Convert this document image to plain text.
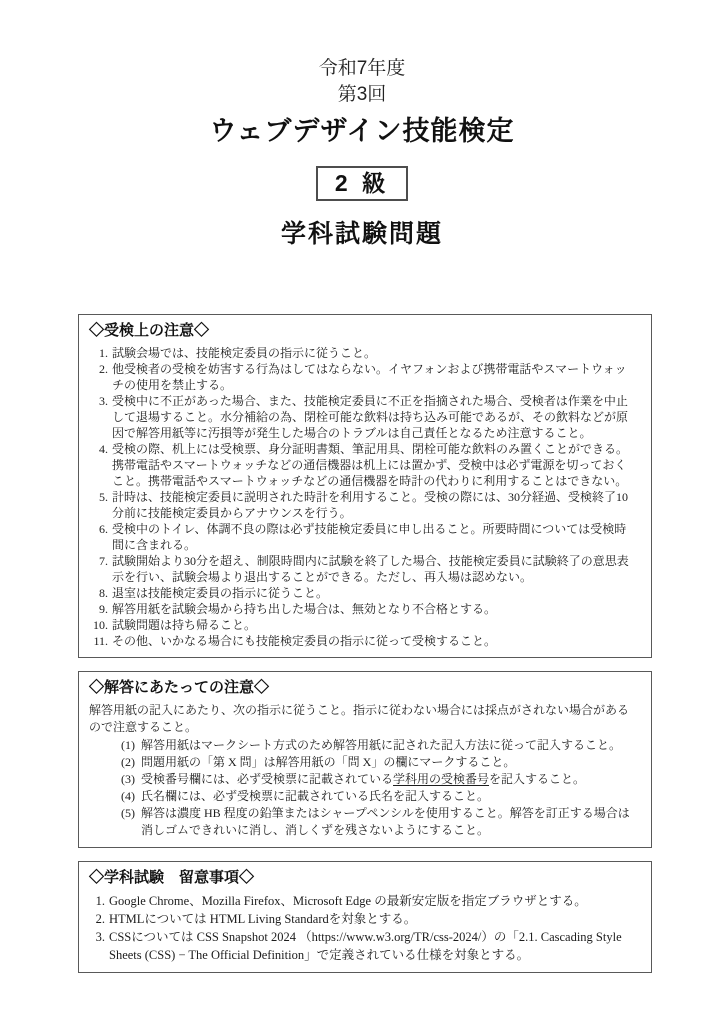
令和7年度
第3回
ウェブデザイン技能検定
2 級
学科試験問題
◇受検上の注意◇
1. 試験会場では、技能検定委員の指示に従うこと。
2. 他受検者の受検を妨害する行為はしてはならない。イヤフォンおよび携帯電話やスマートウォッチの使用を禁止する。
3. 受検中に不正があった場合、また、技能検定委員に不正を指摘された場合、受検者は作業を中止して退場すること。水分補給の為、閉栓可能な飲料は持ち込み可能であるが、その飲料などが原因で解答用紙等に汚損等が発生した場合のトラブルは自己責任となるため注意すること。
4. 受検の際、机上には受検票、身分証明書類、筆記用具、閉栓可能な飲料のみ置くことができる。携帯電話やスマートウォッチなどの通信機器は机上には置かず、受検中は必ず電源を切っておくこと。携帯電話やスマートウォッチなどの通信機器を時計の代わりに利用することはできない。
5. 計時は、技能検定委員に説明された時計を利用すること。受検の際には、30分経過、受検終了10分前に技能検定委員からアナウンスを行う。
6. 受検中のトイレ、体調不良の際は必ず技能検定委員に申し出ること。所要時間については受検時間に含まれる。
7. 試験開始より30分を超え、制限時間内に試験を終了した場合、技能検定委員に試験終了の意思表示を行い、試験会場より退出することができる。ただし、再入場は認めない。
8. 退室は技能検定委員の指示に従うこと。
9. 解答用紙を試験会場から持ち出した場合は、無効となり不合格とする。
10. 試験問題は持ち帰ること。
11. その他、いかなる場合にも技能検定委員の指示に従って受検すること。
◇解答にあたっての注意◇
解答用紙の記入にあたり、次の指示に従うこと。指示に従わない場合には採点がされない場合があるので注意すること。
(1) 解答用紙はマークシート方式のため解答用紙に記された記入方法に従って記入すること。
(2) 問題用紙の「第 X 問」は解答用紙の「問 X」の欄にマークすること。
(3) 受検番号欄には、必ず受検票に記載されている学科用の受検番号を記入すること。
(4) 氏名欄には、必ず受検票に記載されている氏名を記入すること。
(5) 解答は濃度 HB 程度の鉛筆またはシャープペンシルを使用すること。解答を訂正する場合は消しゴムできれいに消し、消しくずを残さないようにすること。
◇学科試験　留意事項◇
1. Google Chrome、Mozilla Firefox、Microsoft Edge の最新安定版を指定ブラウザとする。
2. HTMLについては HTML Living Standardを対象とする。
3. CSSについては CSS Snapshot 2024 （https://www.w3.org/TR/css-2024/）の「2.1. Cascading Style Sheets (CSS) − The Official Definition」で定義されている仕様を対象とする。
